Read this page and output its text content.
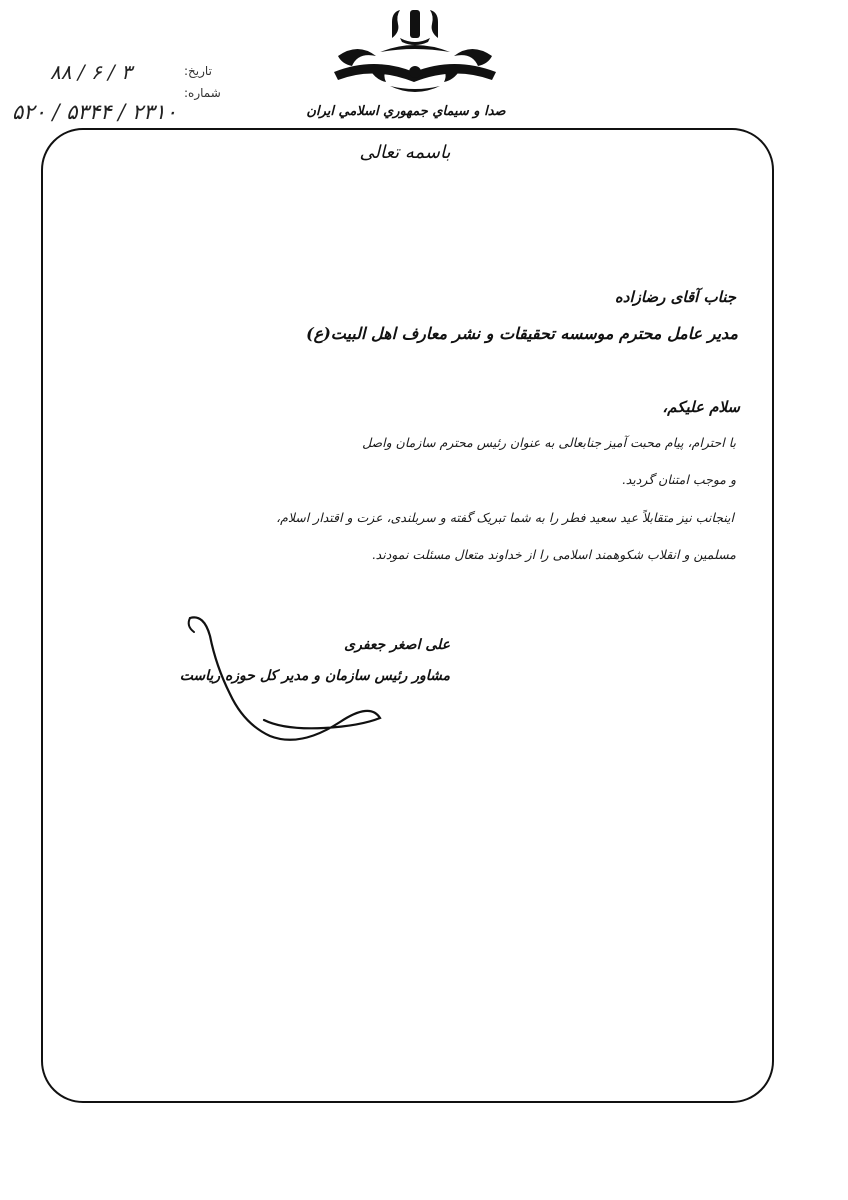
تاريخ:
۳ / ۶ / ۸۸
شماره:
۲۳۱۰ / ۵۳۴۴ / ۵۲۰	صدا و سيماي جمهوري اسلامي ايران
باسمه تعالی
جناب آقای رضازاده
مدیر عامل محترم موسسه تحقیقات و نشر معارف اهل البیت(ع)
سلام علیکم،
با احترام، پیام محبت آمیز جنابعالی به عنوان رئیس محترم سازمان واصل
و موجب امتنان گردید.
اینجانب نیز متقابلاً عید سعید فطر را به شما تبریک گفته و سربلندی، عزت و اقتدار اسلام،
مسلمین و انقلاب شکوهمند اسلامی را از خداوند متعال مسئلت نمودند.
علی اصغر جعفری
مشاور رئیس سازمان و مدیر کل حوزه ریاست
